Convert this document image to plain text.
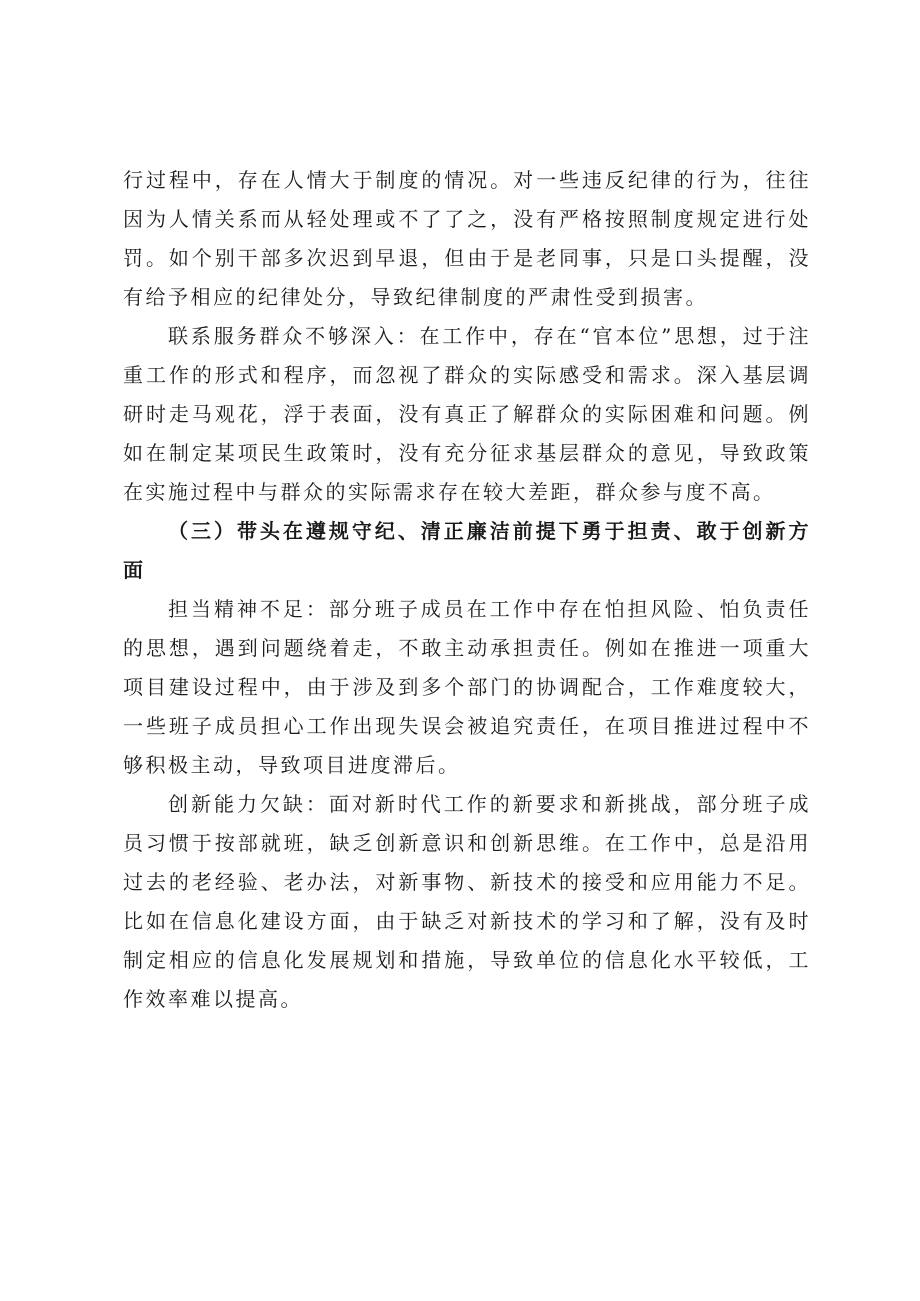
行过程中，存在人情大于制度的情况。对一些违反纪律的行为，往往因为人情关系而从轻处理或不了了之，没有严格按照制度规定进行处罚。如个别干部多次迟到早退，但由于是老同事，只是口头提醒，没有给予相应的纪律处分，导致纪律制度的严肃性受到损害。

联系服务群众不够深入：在工作中，存在“官本位”思想，过于注重工作的形式和程序，而忽视了群众的实际感受和需求。深入基层调研时走马观花，浮于表面，没有真正了解群众的实际困难和问题。例如在制定某项民生政策时，没有充分征求基层群众的意见，导致政策在实施过程中与群众的实际需求存在较大差距，群众参与度不高。

（三）带头在遵规守纪、清正廉洁前提下勇于担责、敢于创新方面

担当精神不足：部分班子成员在工作中存在怕担风险、怕负责任的思想，遇到问题绕着走，不敢主动承担责任。例如在推进一项重大项目建设过程中，由于涉及到多个部门的协调配合，工作难度较大，一些班子成员担心工作出现失误会被追究责任，在项目推进过程中不够积极主动，导致项目进度滞后。

创新能力欠缺：面对新时代工作的新要求和新挑战，部分班子成员习惯于按部就班，缺乏创新意识和创新思维。在工作中，总是沿用过去的老经验、老办法，对新事物、新技术的接受和应用能力不足。比如在信息化建设方面，由于缺乏对新技术的学习和了解，没有及时制定相应的信息化发展规划和措施，导致单位的信息化水平较低，工作效率难以提高。
